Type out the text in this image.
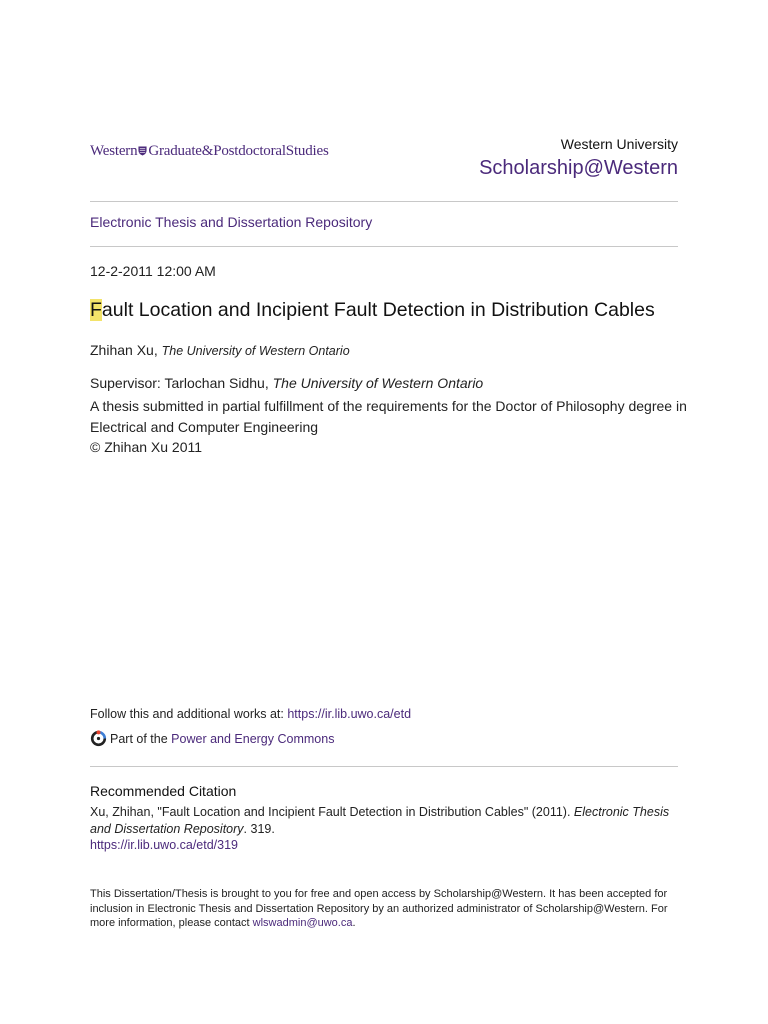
Western Graduate&PostdoctoralStudies	Western University
Scholarship@Western
Electronic Thesis and Dissertation Repository
12-2-2011 12:00 AM
Fault Location and Incipient Fault Detection in Distribution Cables
Zhihan Xu, The University of Western Ontario
Supervisor: Tarlochan Sidhu, The University of Western Ontario
A thesis submitted in partial fulfillment of the requirements for the Doctor of Philosophy degree in Electrical and Computer Engineering
© Zhihan Xu 2011
Follow this and additional works at: https://ir.lib.uwo.ca/etd
Part of the
Power and Energy Commons
Recommended Citation
Xu, Zhihan, "Fault Location and Incipient Fault Detection in Distribution Cables" (2011). Electronic Thesis and Dissertation Repository. 319.
https://ir.lib.uwo.ca/etd/319
This Dissertation/Thesis is brought to you for free and open access by Scholarship@Western. It has been accepted for inclusion in Electronic Thesis and Dissertation Repository by an authorized administrator of Scholarship@Western. For more information, please contact wlswadmin@uwo.ca.
